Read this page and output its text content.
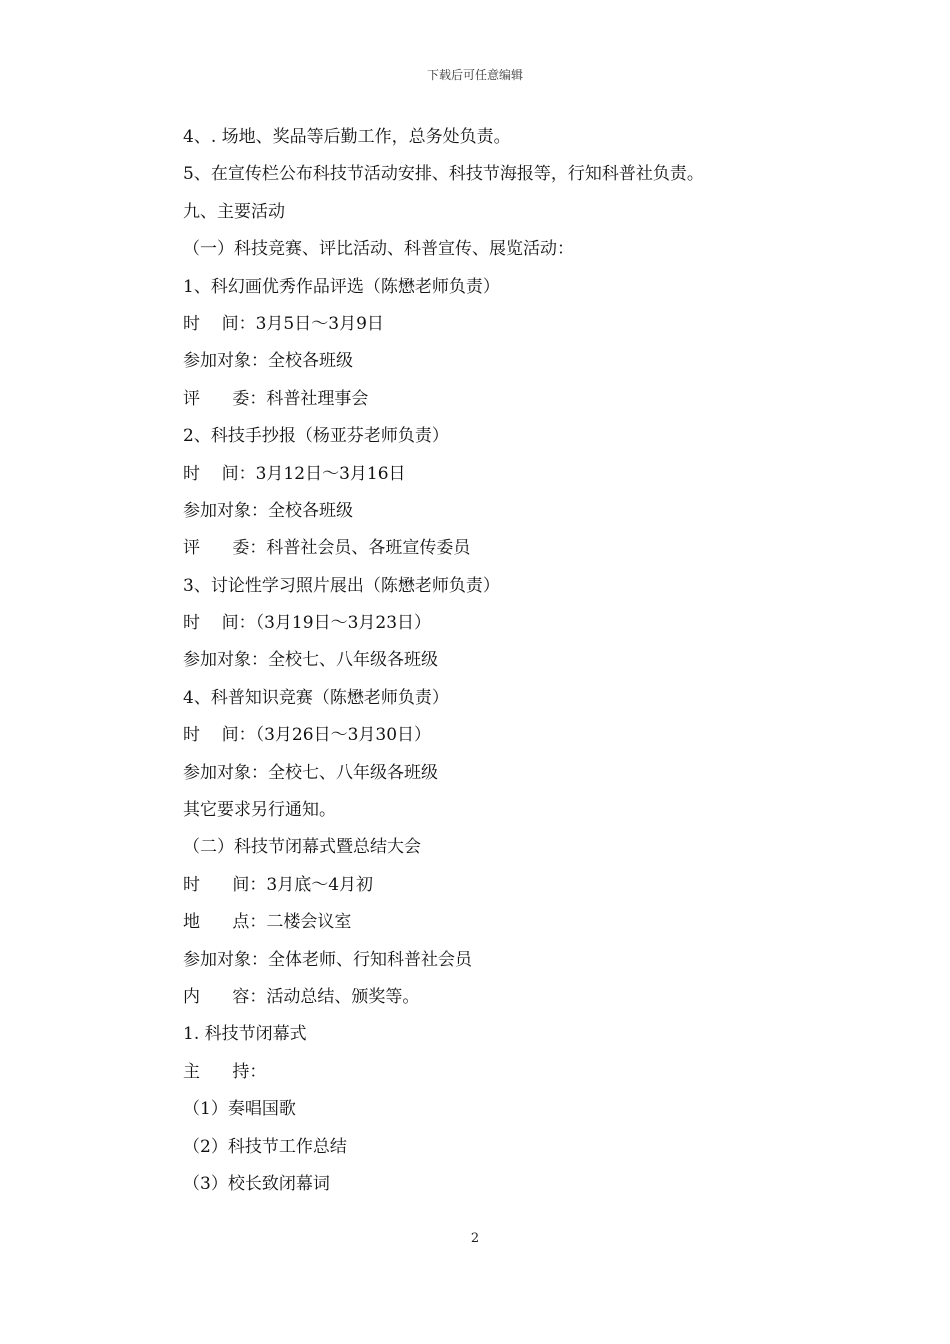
下载后可任意编辑
4、. 场地、奖品等后勤工作，总务处负责。
5、在宣传栏公布科技节活动安排、科技节海报等，行知科普社负责。
九、主要活动
（一）科技竞赛、评比活动、科普宣传、展览活动：
1、科幻画优秀作品评选（陈懋老师负责）
时    间：3月5日～3月9日
参加对象：全校各班级
评      委：科普社理事会
2、科技手抄报（杨亚芬老师负责）
时    间：3月12日～3月16日
参加对象：全校各班级
评      委：科普社会员、各班宣传委员
3、讨论性学习照片展出（陈懋老师负责）
时    间：（3月19日～3月23日）
参加对象：全校七、八年级各班级
4、科普知识竞赛（陈懋老师负责）
时    间：（3月26日～3月30日）
参加对象：全校七、八年级各班级
其它要求另行通知。
（二）科技节闭幕式暨总结大会
时      间：3月底～4月初
地      点：二楼会议室
参加对象：全体老师、行知科普社会员
内      容：活动总结、颁奖等。
1. 科技节闭幕式
主      持：
（1）奏唱国歌
（2）科技节工作总结
（3）校长致闭幕词
2
